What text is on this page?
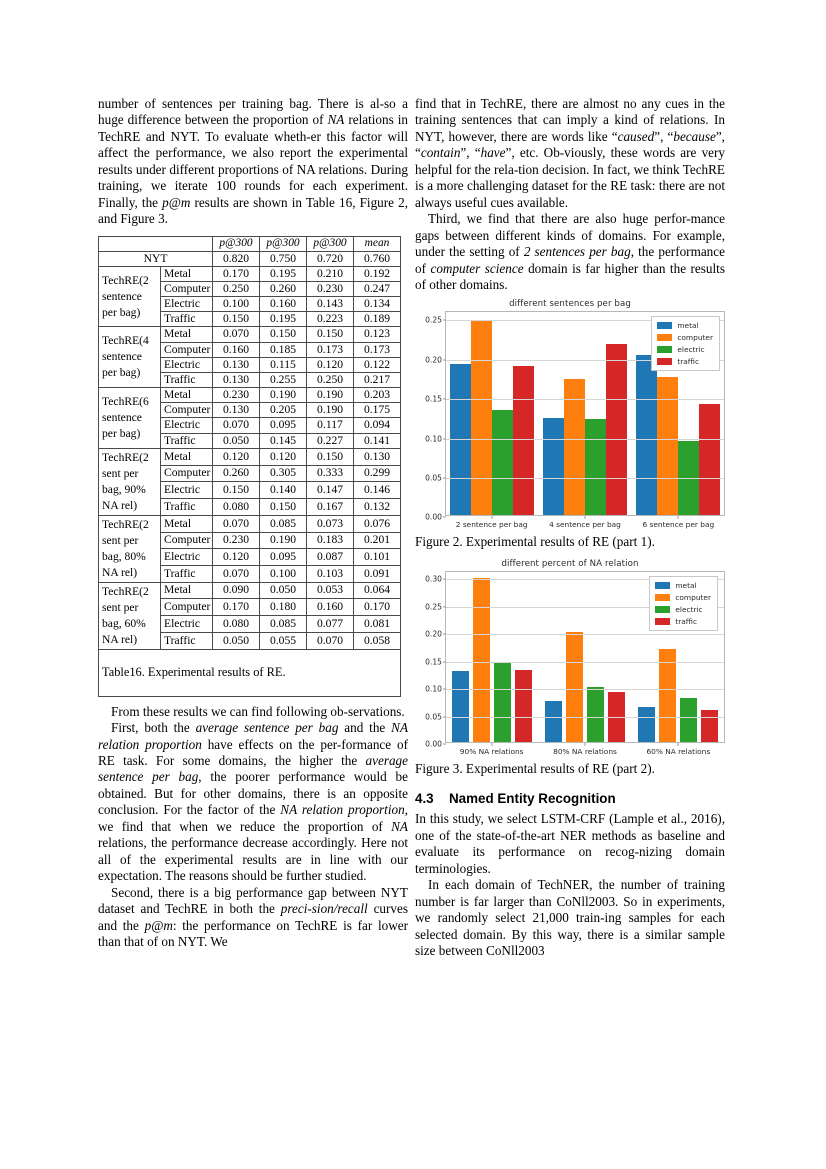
number of sentences per training bag. There is al-so a huge difference between the proportion of NA relations in TechRE and NYT. To evaluate wheth-er this factor will affect the performance, we also report the experimental results under different proportions of NA relations. During training, we iterate 100 rounds for each experiment. Finally, the p@m results are shown in Table 16, Figure 2, and Figure 3.

		p@300	p@300	p@300	mean
NYT		0.820	0.750	0.720	0.760

TechRE(2
sentence
per bag)	Metal	0.170	0.195	0.210	0.192
	Computer	0.250	0.260	0.230	0.247
	Electric	0.100	0.160	0.143	0.134
	Traffic	0.150	0.195	0.223	0.189

TechRE(4
sentence
per bag)	Metal	0.070	0.150	0.150	0.123
	Computer	0.160	0.185	0.173	0.173
	Electric	0.130	0.115	0.120	0.122
	Traffic	0.130	0.255	0.250	0.217

TechRE(6
sentence
per bag)	Metal	0.230	0.190	0.190	0.203
	Computer	0.130	0.205	0.190	0.175
	Electric	0.070	0.095	0.117	0.094
	Traffic	0.050	0.145	0.227	0.141

TechRE(2
sent per
bag, 90%
NA rel)	Metal	0.120	0.120	0.150	0.130
	Computer	0.260	0.305	0.333	0.299
	Electric	0.150	0.140	0.147	0.146
	Traffic	0.080	0.150	0.167	0.132

TechRE(2
sent per
bag, 80%
NA rel)	Metal	0.070	0.085	0.073	0.076
	Computer	0.230	0.190	0.183	0.201
	Electric	0.120	0.095	0.087	0.101
	Traffic	0.070	0.100	0.103	0.091

TechRE(2
sent per
bag, 60%
NA rel)	Metal	0.090	0.050	0.053	0.064
	Computer	0.170	0.180	0.160	0.170
	Electric	0.080	0.085	0.077	0.081
	Traffic	0.050	0.055	0.070	0.058
Table16. Experimental results of RE.					

From these results we can find following ob-servations.

First, both the average sentence per bag and the NA relation proportion have effects on the per-formance of RE task. For some domains, the higher the average sentence per bag, the poorer performance would be obtained. But for other domains, there is an opposite conclusion. For the factor of the NA relation proportion, we find that when we reduce the proportion of NA relations, the performance decrease accordingly. Here not all of the experimental results are in line with our expectation. The reasons should be further studied.

Second, there is a big performance gap between NYT dataset and TechRE in both the preci-sion/recall curves and the p@m: the performance on TechRE is far lower than that of on NYT. We

find that in TechRE, there are almost no any cues in the training sentences that can imply a kind of relations. In NYT, however, there are words like “caused”, “because”, “contain”, “have”, etc. Ob-viously, these words are very helpful for the rela-tion decision. In fact, we think TechRE is a more challenging dataset for the RE task: there are not always useful cues available.

Third, we find that there are also huge perfor-mance gaps between different kinds of domains. For example, under the setting of 2 sentences per bag, the performance of computer science domain is far higher than the results of other domains.

different sentences per bag
metal
computer
electric
traffic
0.00
0.05
0.10
0.15
0.20
0.25
2 sentence per bag	4 sentence per bag	6 sentence per bag
Figure 2. Experimental results of RE (part 1).
different percent of NA relation
metal
computer
electric
traffic
0.00
0.05
0.10
0.15
0.20
0.25
0.30
90% NA relations	80% NA relations	60% NA relations
Figure 3. Experimental results of RE (part 2).
4.3 Named Entity Recognition

In this study, we select LSTM-CRF (Lample et al., 2016), one of the state-of-the-art NER methods as baseline and evaluate its performance on recog-nizing domain terminologies.

In each domain of TechNER, the number of training number is far larger than CoNll2003. So in experiments, we randomly select 21,000 train-ing samples for each selected domain. By this way, there is a similar sample size between CoNll2003
